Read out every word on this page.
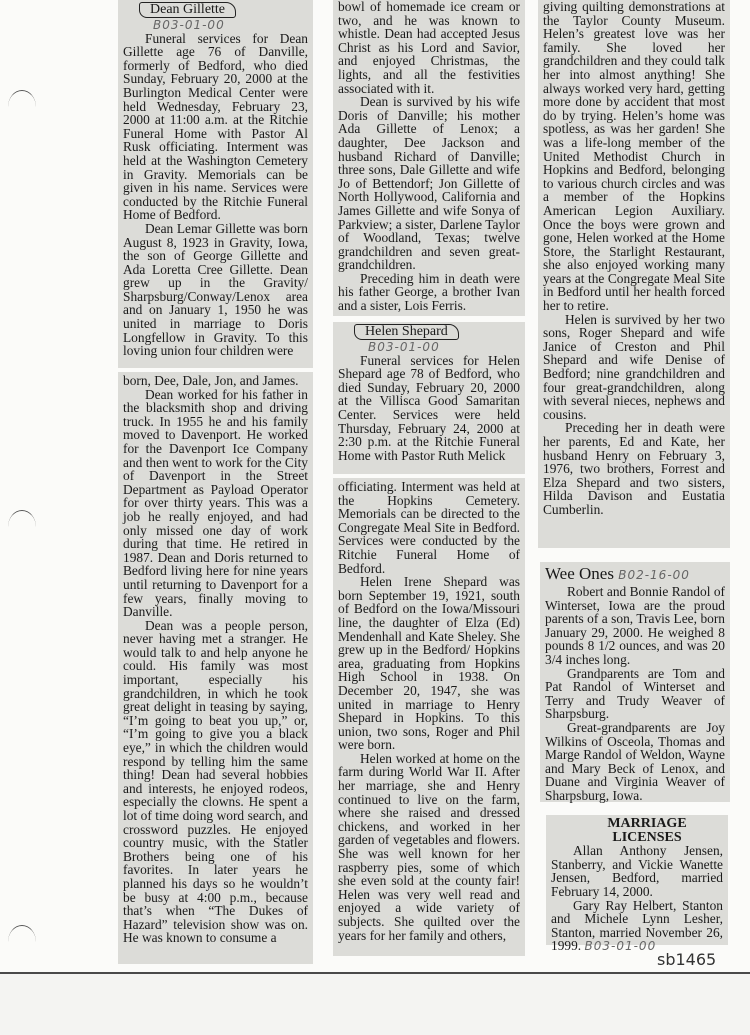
Dean Gillette
B03-01-00

Funeral services for Dean Gillette age 76 of Danville, formerly of Bedford, who died Sunday, February 20, 2000 at the Burlington Medical Center were held Wednesday, February 23, 2000 at 11:00 a.m. at the Ritchie Funeral Home with Pastor Al Rusk officiating. Interment was held at the Washington Cemetery in Gravity. Memorials can be given in his name. Services were conducted by the Ritchie Funeral Home of Bedford.

Dean Lemar Gillette was born August 8, 1923 in Gravity, Iowa, the son of George Gillette and Ada Loretta Cree Gillette. Dean grew up in the Gravity/ Sharpsburg/Conway/Lenox area and on January 1, 1950 he was united in marriage to Doris Longfellow in Gravity. To this loving union four children were

born, Dee, Dale, Jon, and James.

Dean worked for his father in the blacksmith shop and driving truck. In 1955 he and his family moved to Davenport. He worked for the Davenport Ice Company and then went to work for the City of Davenport in the Street Department as Payload Operator for over thirty years. This was a job he really enjoyed, and had only missed one day of work during that time. He retired in 1987. Dean and Doris returned to Bedford living here for nine years until returning to Davenport for a few years, finally moving to Danville.

Dean was a people person, never having met a stranger. He would talk to and help anyone he could. His family was most important, especially his grandchildren, in which he took great delight in teasing by saying, “I’m going to beat you up,” or, “I’m going to give you a black eye,” in which the children would respond by telling him the same thing! Dean had several hobbies and interests, he enjoyed rodeos, especially the clowns. He spent a lot of time doing word search, and crossword puzzles. He enjoyed country music, with the Statler Brothers being one of his favorites. In later years he planned his days so he wouldn’t be busy at 4:00 p.m., because that’s when “The Dukes of Hazard” television show was on. He was known to consume a

bowl of homemade ice cream or two, and he was known to whistle. Dean had accepted Jesus Christ as his Lord and Savior, and enjoyed Christmas, the lights, and all the festivities associated with it.

Dean is survived by his wife Doris of Danville; his mother Ada Gillette of Lenox; a daughter, Dee Jackson and husband Richard of Danville; three sons, Dale Gillette and wife Jo of Bettendorf; Jon Gillette of North Hollywood, California and James Gillette and wife Sonya of Parkview; a sister, Darlene Taylor of Woodland, Texas; twelve grandchildren and seven great-grandchildren.

Preceding him in death were his father George, a brother Ivan and a sister, Lois Ferris.

Helen Shepard
B03-01-00

Funeral services for Helen Shepard age 78 of Bedford, who died Sunday, February 20, 2000 at the Villisca Good Samaritan Center. Services were held Thursday, February 24, 2000 at 2:30 p.m. at the Ritchie Funeral Home with Pastor Ruth Melick

officiating. Interment was held at the Hopkins Cemetery. Memorials can be directed to the Congregate Meal Site in Bedford. Services were conducted by the Ritchie Funeral Home of Bedford.

Helen Irene Shepard was born September 19, 1921, south of Bedford on the Iowa/Missouri line, the daughter of Elza (Ed) Mendenhall and Kate Sheley. She grew up in the Bedford/ Hopkins area, graduating from Hopkins High School in 1938. On December 20, 1947, she was united in marriage to Henry Shepard in Hopkins. To this union, two sons, Roger and Phil were born.

Helen worked at home on the farm during World War II. After her marriage, she and Henry continued to live on the farm, where she raised and dressed chickens, and worked in her garden of vegetables and flowers. She was well known for her raspberry pies, some of which she even sold at the county fair! Helen was very well read and enjoyed a wide variety of subjects. She quilted over the years for her family and others,

giving quilting demonstrations at the Taylor County Museum. Helen’s greatest love was her family. She loved her grandchildren and they could talk her into almost anything! She always worked very hard, getting more done by accident that most do by trying. Helen’s home was spotless, as was her garden! She was a life-long member of the United Methodist Church in Hopkins and Bedford, belonging to various church circles and was a member of the Hopkins American Legion Auxiliary. Once the boys were grown and gone, Helen worked at the Home Store, the Starlight Restaurant, she also enjoyed working many years at the Congregate Meal Site in Bedford until her health forced her to retire.

Helen is survived by her two sons, Roger Shepard and wife Janice of Creston and Phil Shepard and wife Denise of Bedford; nine grandchildren and four great-grandchildren, along with several nieces, nephews and cousins.

Preceding her in death were her parents, Ed and Kate, her husband Henry on February 3, 1976, two brothers, Forrest and Elza Shepard and two sisters, Hilda Davison and Eustatia Cumberlin.

Wee Ones B02-16-00

Robert and Bonnie Randol of Winterset, Iowa are the proud parents of a son, Travis Lee, born January 29, 2000. He weighed 8 pounds 8 1/2 ounces, and was 20 3/4 inches long.

Grandparents are Tom and Pat Randol of Winterset and Terry and Trudy Weaver of Sharpsburg.

Great-grandparents are Joy Wilkins of Osceola, Thomas and Marge Randol of Weldon, Wayne and Mary Beck of Lenox, and Duane and Virginia Weaver of Sharpsburg, Iowa.

MARRIAGE LICENSES

Allan Anthony Jensen, Stanberry, and Vickie Wanette Jensen, Bedford, married February 14, 2000.

Gary Ray Helbert, Stanton and Michele Lynn Lesher, Stanton, married November 26, 1999. B03-01-00

sb1465
